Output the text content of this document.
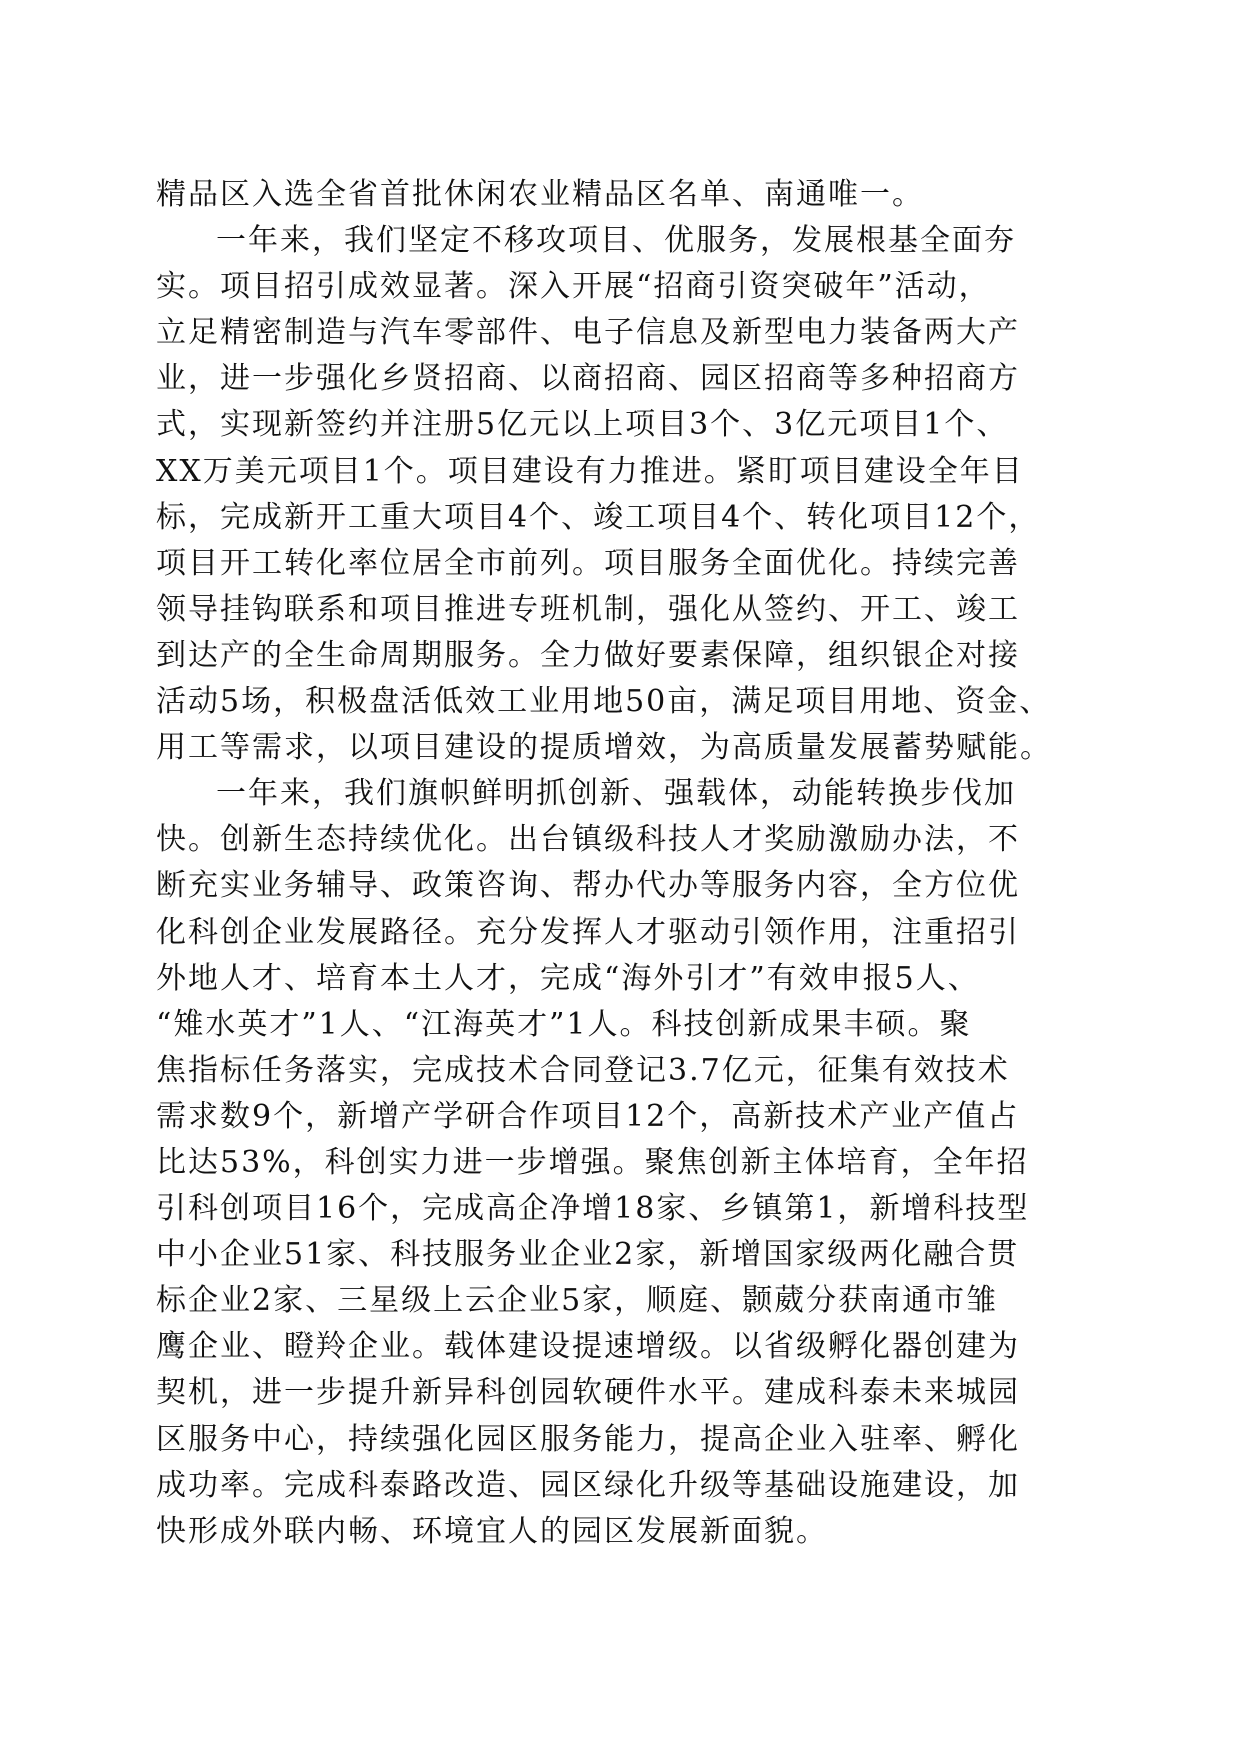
精品区入选全省首批休闲农业精品区名单、南通唯一。
一年来，我们坚定不移攻项目、优服务，发展根基全面夯
实。项目招引成效显著。深入开展“招商引资突破年”活动，
立足精密制造与汽车零部件、电子信息及新型电力装备两大产
业，进一步强化乡贤招商、以商招商、园区招商等多种招商方
式，实现新签约并注册5亿元以上项目3个、3亿元项目1个、
XX万美元项目1个。项目建设有力推进。紧盯项目建设全年目
标，完成新开工重大项目4个、竣工项目4个、转化项目12个，
项目开工转化率位居全市前列。项目服务全面优化。持续完善
领导挂钩联系和项目推进专班机制，强化从签约、开工、竣工
到达产的全生命周期服务。全力做好要素保障，组织银企对接
活动5场，积极盘活低效工业用地50亩，满足项目用地、资金、
用工等需求，以项目建设的提质增效，为高质量发展蓄势赋能。
一年来，我们旗帜鲜明抓创新、强载体，动能转换步伐加
快。创新生态持续优化。出台镇级科技人才奖励激励办法，不
断充实业务辅导、政策咨询、帮办代办等服务内容，全方位优
化科创企业发展路径。充分发挥人才驱动引领作用，注重招引
外地人才、培育本土人才，完成“海外引才”有效申报5人、
“雉水英才”1人、“江海英才”1人。科技创新成果丰硕。聚
焦指标任务落实，完成技术合同登记3.7亿元，征集有效技术
需求数9个，新增产学研合作项目12个，高新技术产业产值占
比达53%，科创实力进一步增强。聚焦创新主体培育，全年招
引科创项目16个，完成高企净增18家、乡镇第1，新增科技型
中小企业51家、科技服务业企业2家，新增国家级两化融合贯
标企业2家、三星级上云企业5家，顺庭、颢葳分获南通市雏
鹰企业、瞪羚企业。载体建设提速增级。以省级孵化器创建为
契机，进一步提升新异科创园软硬件水平。建成科泰未来城园
区服务中心，持续强化园区服务能力，提高企业入驻率、孵化
成功率。完成科泰路改造、园区绿化升级等基础设施建设，加
快形成外联内畅、环境宜人的园区发展新面貌。
